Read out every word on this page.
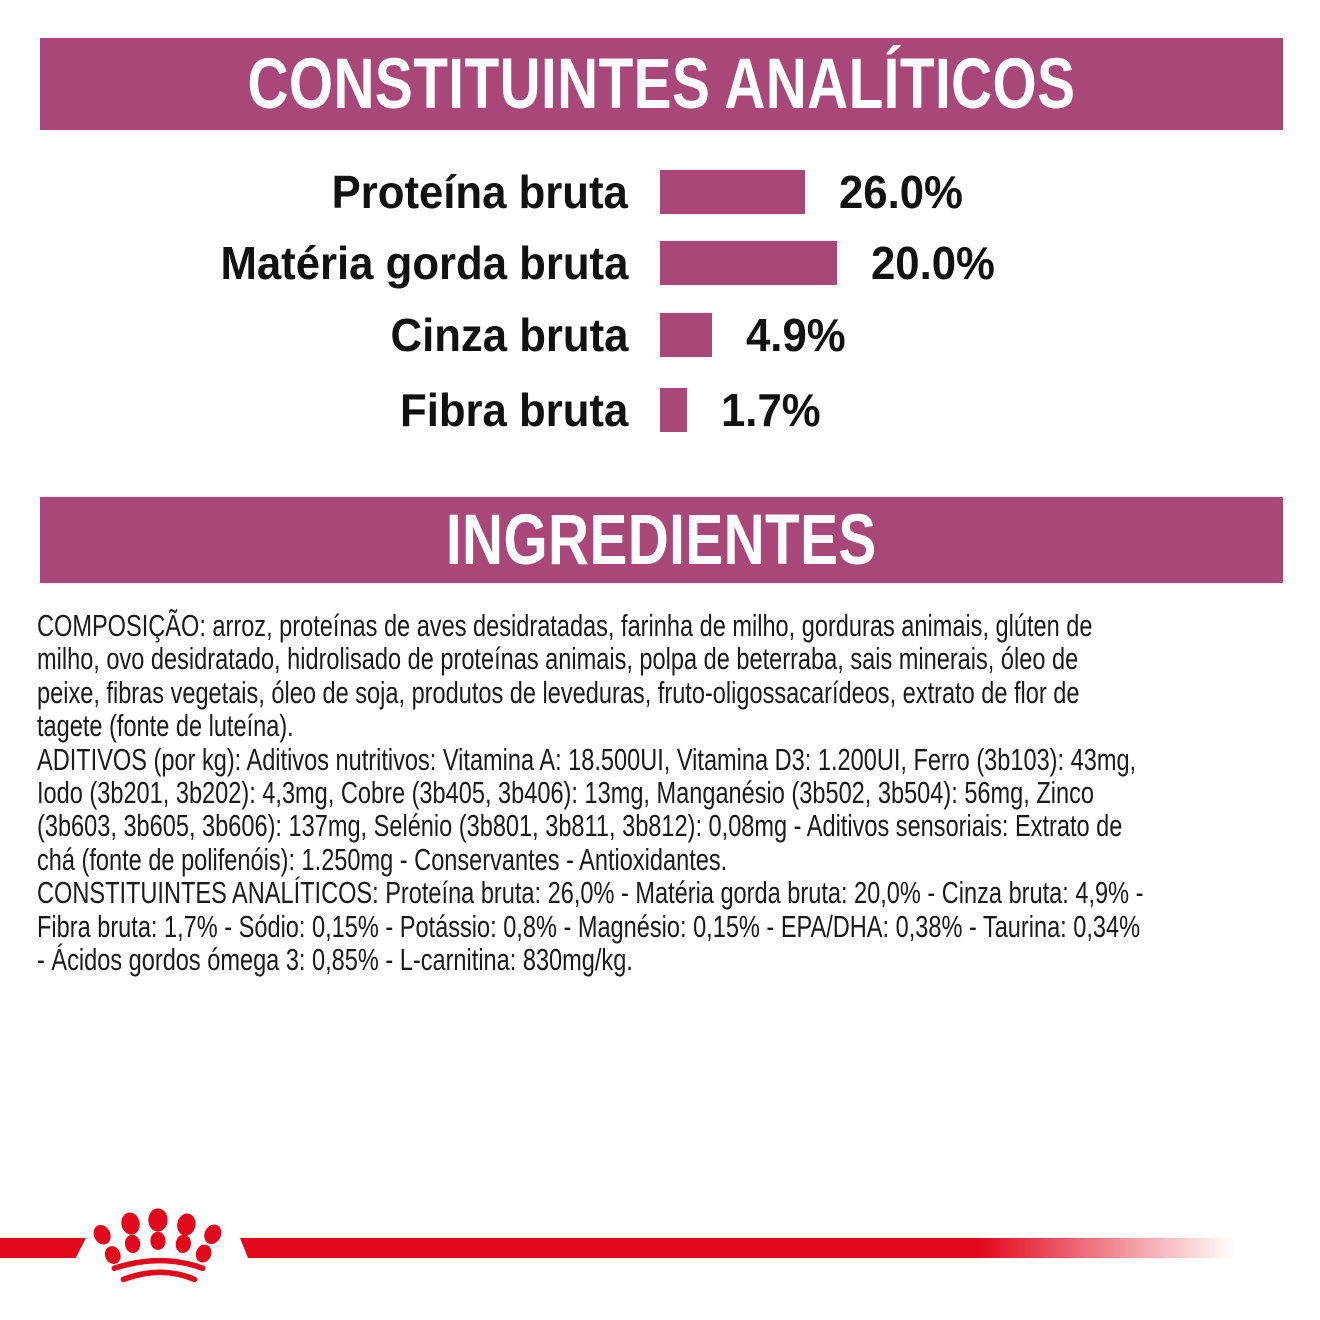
CONSTITUINTES ANALÍTICOS
Proteína bruta	26.0%
Matéria gorda bruta	20.0%
Cinza bruta	4.9%
Fibra bruta 1.7%
INGREDIENTES
COMPOSIÇÃO: arroz, proteínas de aves desidratadas, farinha de milho, gorduras animais, glúten de
milho, ovo desidratado, hidrolisado de proteínas animais, polpa de beterraba, sais minerais, óleo de
peixe, fibras vegetais, óleo de soja, produtos de leveduras, fruto-oligossacarídeos, extrato de flor de
tagete (fonte de luteína).
ADITIVOS (por kg): Aditivos nutritivos: Vitamina A: 18.500UI, Vitamina D3: 1.200UI, Ferro (3b103): 43mg,
Iodo (3b201, 3b202): 4,3mg, Cobre (3b405, 3b406): 13mg, Manganésio (3b502, 3b504): 56mg, Zinco
(3b603, 3b605, 3b606): 137mg, Selénio (3b801, 3b811, 3b812): 0,08mg - Aditivos sensoriais: Extrato de
chá (fonte de polifenóis): 1.250mg - Conservantes - Antioxidantes.
CONSTITUINTES ANALÍTICOS: Proteína bruta: 26,0% - Matéria gorda bruta: 20,0% - Cinza bruta: 4,9% -
Fibra bruta: 1,7% - Sódio: 0,15% - Potássio: 0,8% - Magnésio: 0,15% - EPA/DHA: 0,38% - Taurina: 0,34%
- Ácidos gordos ómega 3: 0,85% - L-carnitina: 830mg/kg.
